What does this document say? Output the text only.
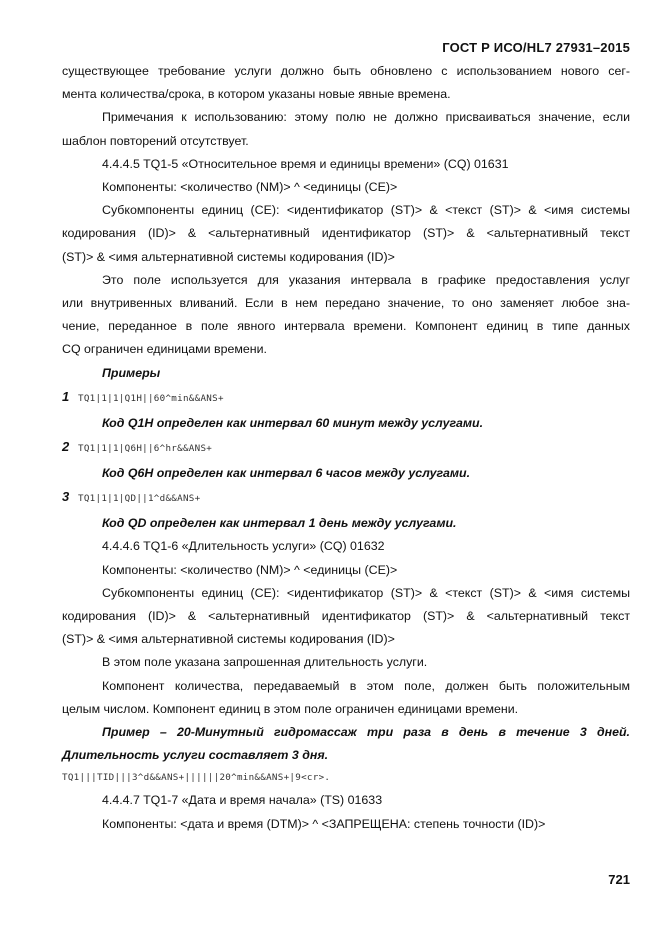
ГОСТ Р ИСО/HL7 27931–2015

существующее требование услуги должно быть обновлено с использованием нового сег-

мента количества/срока, в котором указаны новые явные времена.

Примечания к использованию: этому полю не должно присваиваться значение, если

шаблон повторений отсутствует.

4.4.4.5 TQ1-5 «Относительное время и единицы времени» (CQ) 01631

Компоненты: <количество (NM)> ^ <единицы (CE)>

Субкомпоненты единиц (CE): <идентификатор (ST)> & <текст (ST)> & <имя системы

кодирования (ID)> & <альтернативный идентификатор (ST)> & <альтернативный текст

(ST)> & <имя альтернативной системы кодирования (ID)>

Это поле используется для указания интервала в графике предоставления услуг

или внутривенных вливаний. Если в нем передано значение, то оно заменяет любое зна-

чение, переданное в поле явного интервала времени. Компонент единиц в типе данных

CQ ограничен единицами времени.

Примеры

1 TQ1|1|1|Q1H||60^min&&ANS+

Код Q1H определен как интервал 60 минут между услугами.

2 TQ1|1|1|Q6H||6^hr&&ANS+

Код Q6H определен как интервал 6 часов между услугами.

3 TQ1|1|1|QD||1^d&&ANS+

Код QD определен как интервал 1 день между услугами.

4.4.4.6 TQ1-6 «Длительность услуги» (CQ) 01632

Компоненты: <количество (NM)> ^ <единицы (CE)>

Субкомпоненты единиц (CE): <идентификатор (ST)> & <текст (ST)> & <имя системы

кодирования (ID)> & <альтернативный идентификатор (ST)> & <альтернативный текст

(ST)> & <имя альтернативной системы кодирования (ID)>

В этом поле указана запрошенная длительность услуги.

Компонент количества, передаваемый в этом поле, должен быть положительным

целым числом. Компонент единиц в этом поле ограничен единицами времени.

Пример – 20-Минутный гидромассаж три раза в день в течение 3 дней.

Длительность услуги составляет 3 дня.

TQ1|||TID|||3^d&&ANS+||||||20^min&&ANS+|9<cr>.

4.4.4.7 TQ1-7 «Дата и время начала» (TS) 01633

Компоненты: <дата и время (DTM)> ^ <ЗАПРЕЩЕНА: степень точности (ID)>

721
